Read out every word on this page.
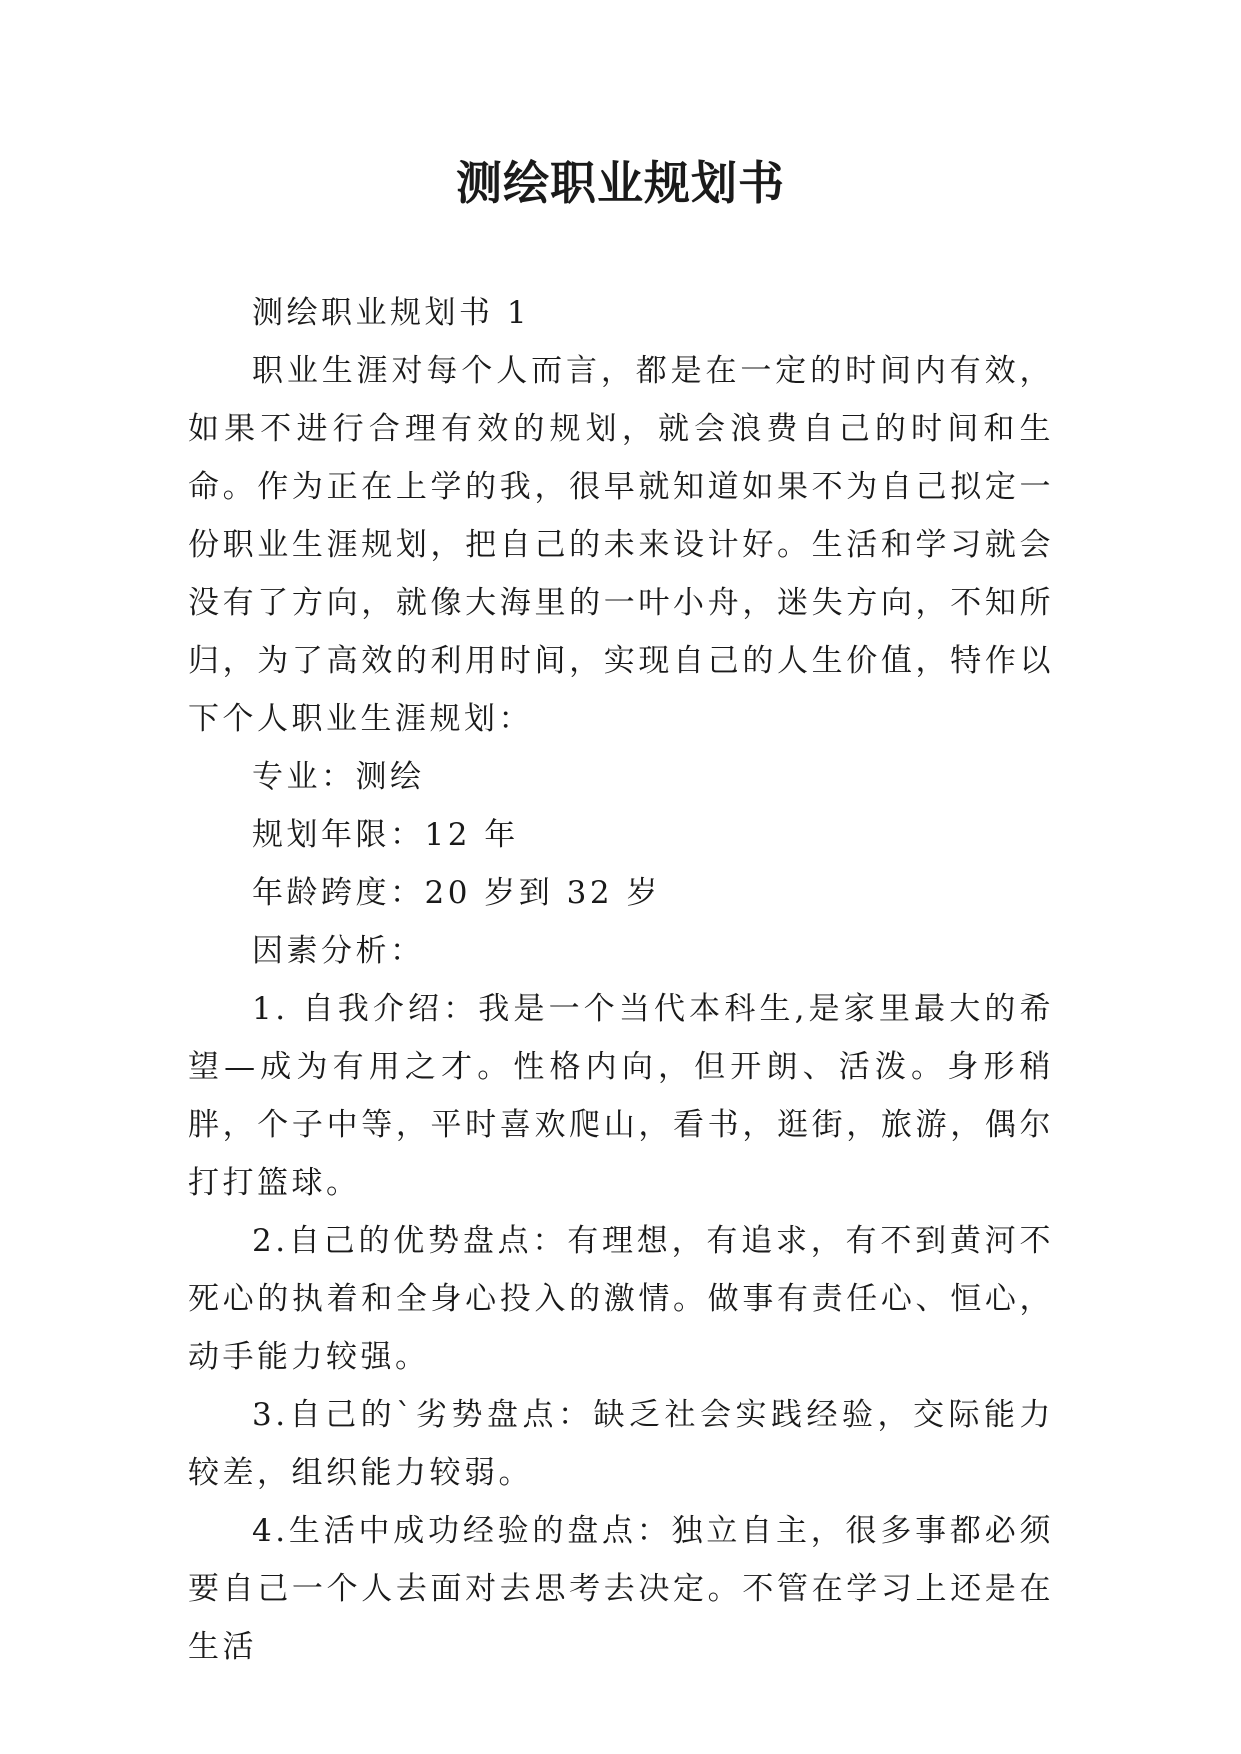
测绘职业规划书

测绘职业规划书 1

职业生涯对每个人而言，都是在一定的时间内有效，如果不进行合理有效的规划，就会浪费自己的时间和生命。作为正在上学的我，很早就知道如果不为自己拟定一份职业生涯规划，把自己的未来设计好。生活和学习就会没有了方向，就像大海里的一叶小舟，迷失方向，不知所归，为了高效的利用时间，实现自己的人生价值，特作以下个人职业生涯规划：

专业：测绘

规划年限：12 年

年龄跨度：20 岁到 32 岁

因素分析：

1. 自我介绍：我是一个当代本科生,是家里最大的希望—成为有用之才。性格内向，但开朗、活泼。身形稍胖，个子中等，平时喜欢爬山，看书，逛街，旅游，偶尔打打篮球。

2.自己的优势盘点：有理想，有追求，有不到黄河不死心的执着和全身心投入的激情。做事有责任心、恒心，动手能力较强。

3.自己的`劣势盘点：缺乏社会实践经验，交际能力较差，组织能力较弱。

4.生活中成功经验的盘点：独立自主，很多事都必须要自己一个人去面对去思考去决定。不管在学习上还是在生活
